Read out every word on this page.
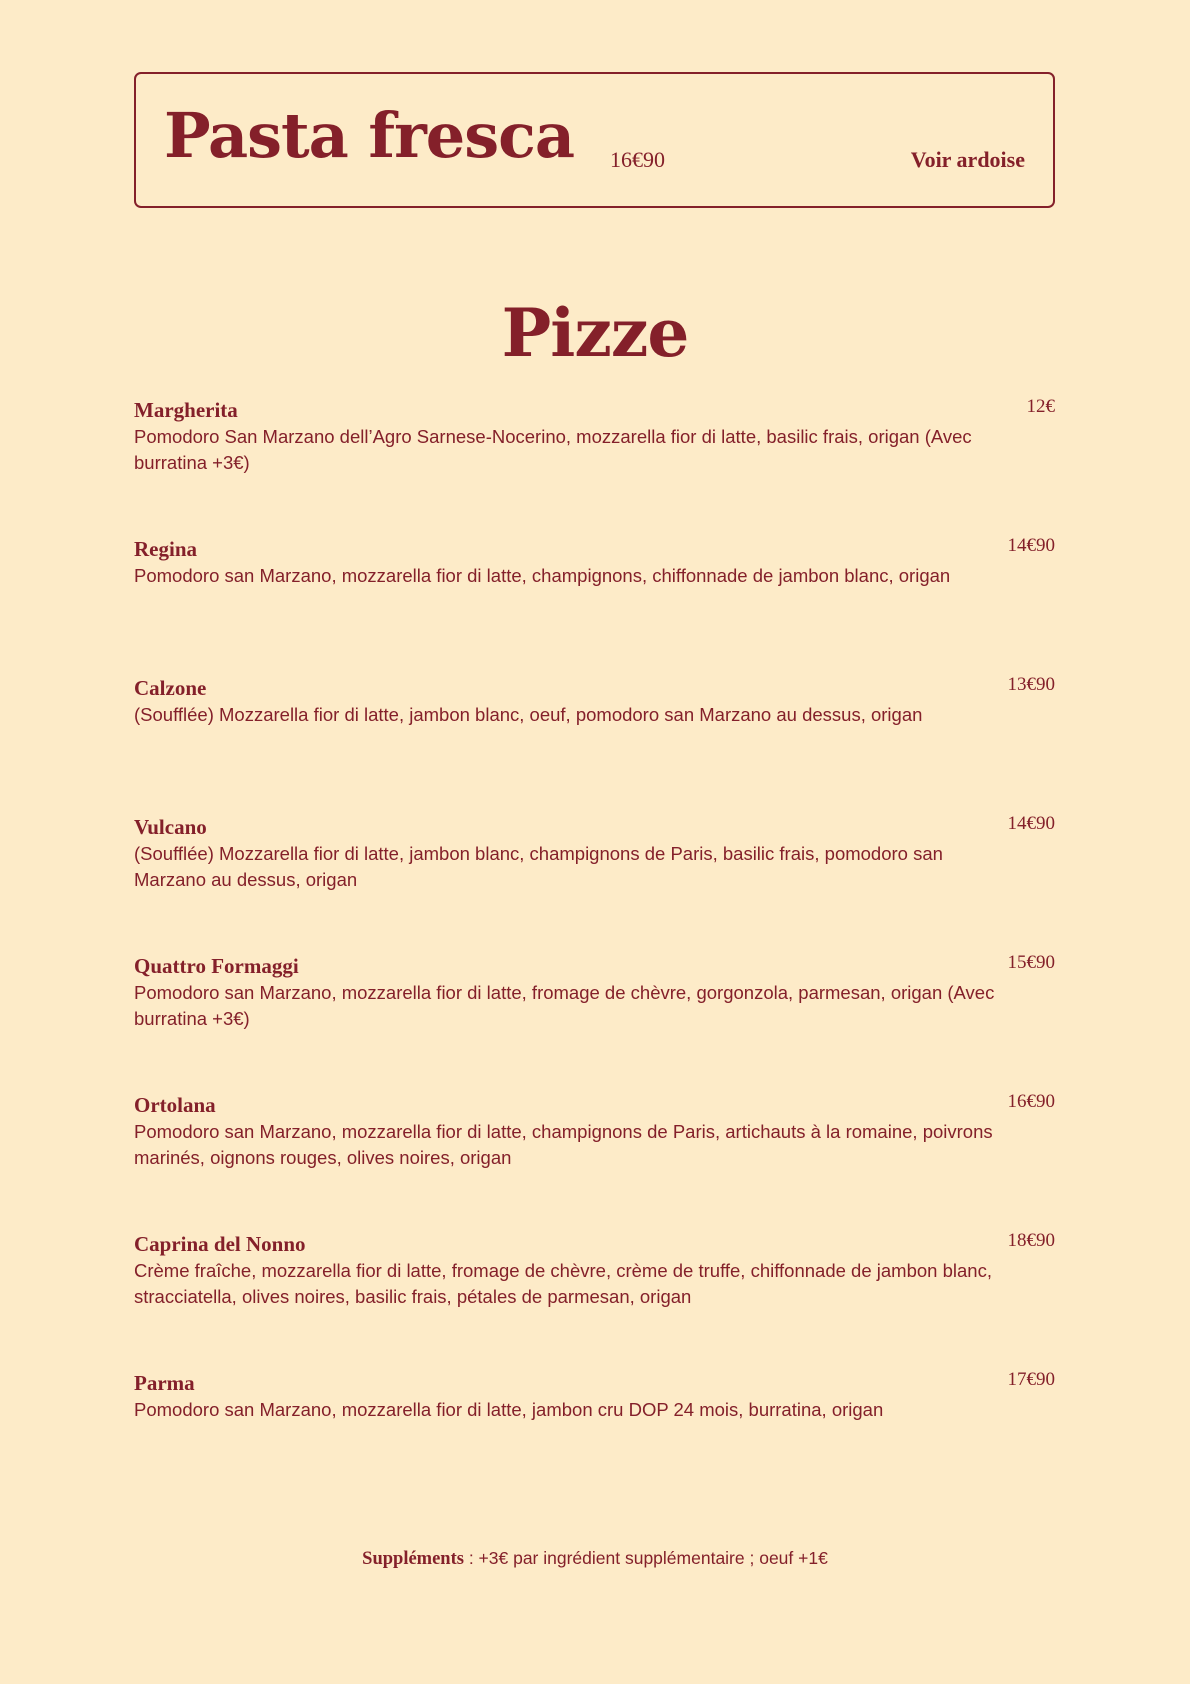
Pasta fresca 16€90	Voir ardoise
Pizze
Margherita
Pomodoro San Marzano dell’Agro Sarnese-Nocerino, mozzarella fior di latte, basilic frais, origan (Avec burratina +3€)
12€
Regina
Pomodoro san Marzano, mozzarella fior di latte, champignons, chiffonnade de jambon blanc, origan
14€90
Calzone
(Soufflée) Mozzarella fior di latte, jambon blanc, oeuf, pomodoro san Marzano au dessus, origan
13€90
Vulcano
(Soufflée) Mozzarella fior di latte, jambon blanc, champignons de Paris, basilic frais, pomodoro san Marzano au dessus, origan
14€90
Quattro Formaggi
Pomodoro san Marzano, mozzarella fior di latte, fromage de chèvre, gorgonzola, parmesan, origan (Avec burratina +3€)
15€90
Ortolana
Pomodoro san Marzano, mozzarella fior di latte, champignons de Paris, artichauts à la romaine, poivrons marinés, oignons rouges, olives noires, origan
16€90
Caprina del Nonno
Crème fraîche, mozzarella fior di latte, fromage de chèvre, crème de truffe, chiffonnade de jambon blanc, stracciatella, olives noires, basilic frais, pétales de parmesan, origan
18€90
Parma
Pomodoro san Marzano, mozzarella fior di latte, jambon cru DOP 24 mois, burratina, origan
17€90
Suppléments : +3€ par ingrédient supplémentaire ; oeuf +1€
